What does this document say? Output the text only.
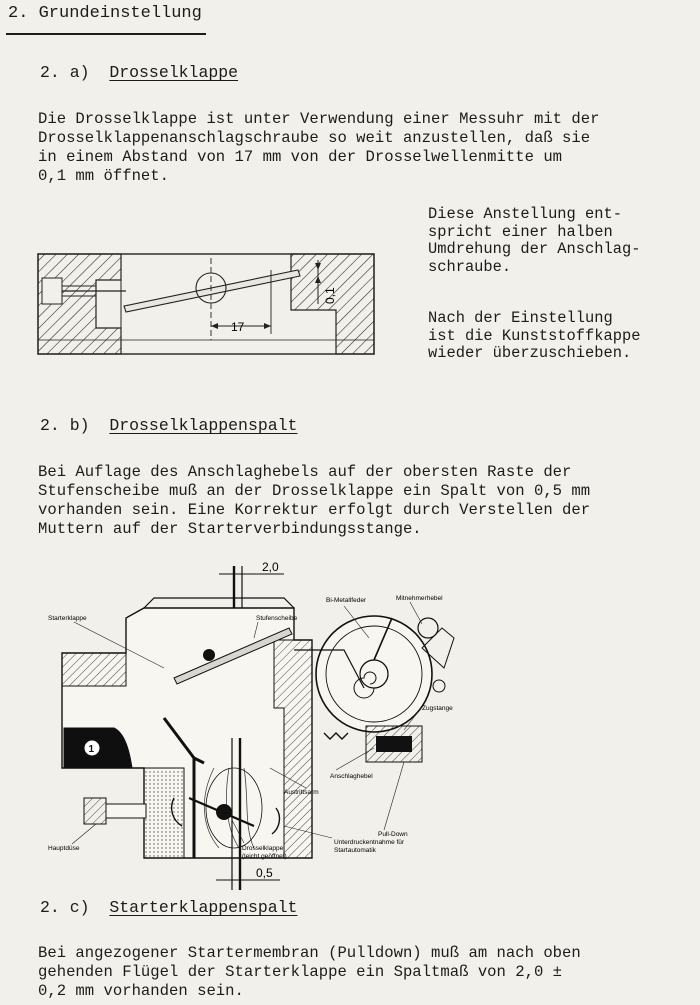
2. Grundeinstellung
2. a) Drosselklappe
Die Drosselklappe ist unter Verwendung einer Messuhr mit der
Drosselklappenanschlagschraube so weit anzustellen, daß sie
in einem Abstand von 17 mm von der Drosselwellenmitte um
0,1 mm öffnet.
Diese Anstellung ent-
spricht einer halben
Umdrehung der Anschlag-
schraube.
Nach der Einstellung
ist die Kunststoffkappe
wieder überzuschieben.
17
0,1
2. b) Drosselklappenspalt
Bei Auflage des Anschlaghebels auf der obersten Raste der
Stufenscheibe muß an der Drosselklappe ein Spalt von 0,5 mm
vorhanden sein. Eine Korrektur erfolgt durch Verstellen der
Muttern auf der Starterverbindungsstange.
2,0
1
0,5
Starterklappe	Stufenscheibe
Bi-Metallfeder	Mitnehmerhebel
Zugstange
Anschlaghebel
Austrittsarm
Pull-Down
Hauptdüse	Drosselklappe
(leicht geöffnet)
Unterdruckentnahme für
Startautomatik
2. c) Starterklappenspalt
Bei angezogener Startermembran (Pulldown) muß am nach oben
gehenden Flügel der Starterklappe ein Spaltmaß von 2,0 ±
0,2 mm vorhanden sein.
